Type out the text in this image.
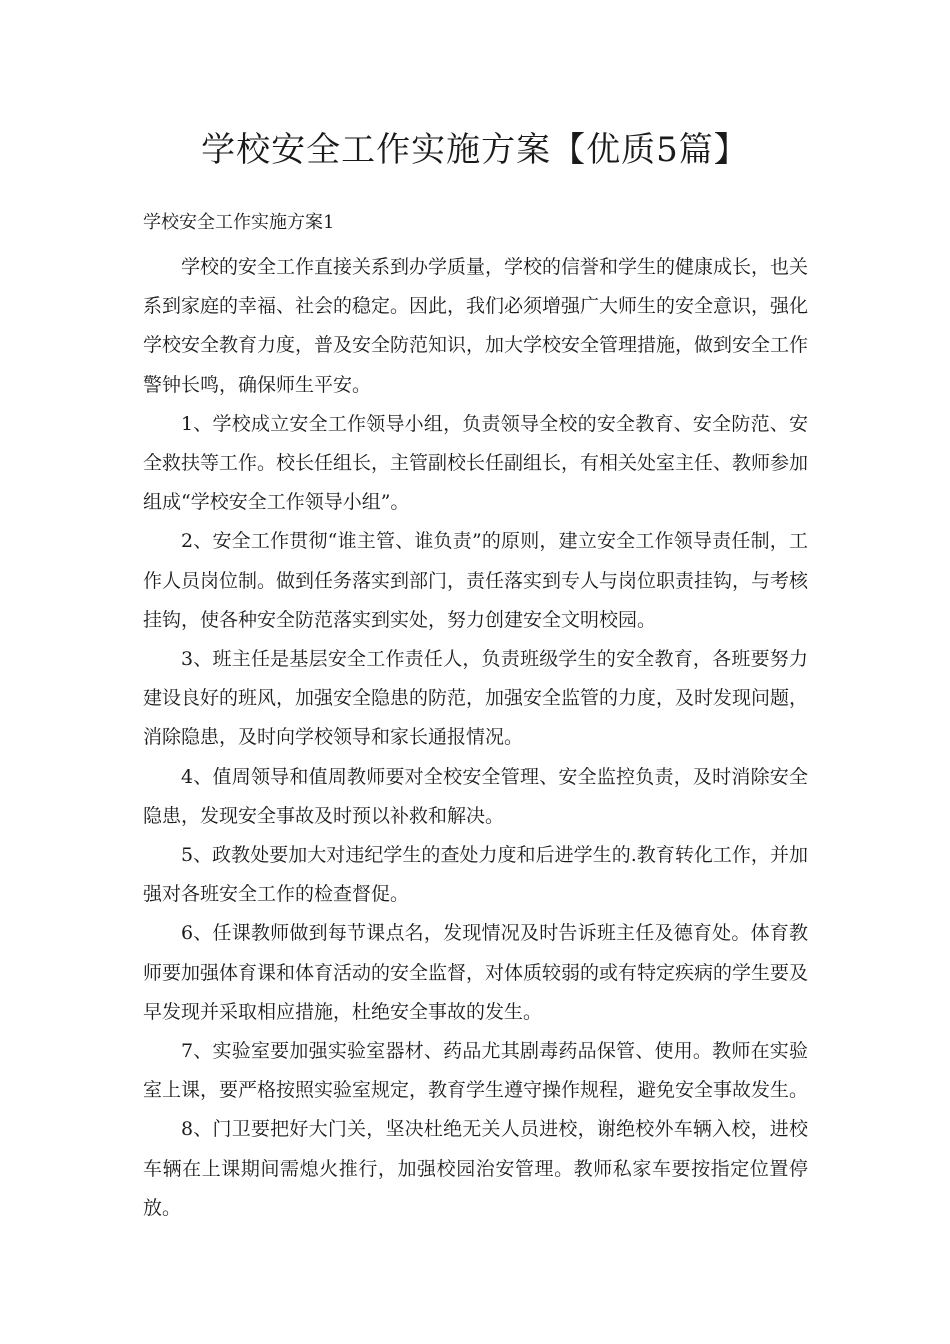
学校安全工作实施方案【优质5篇】
学校安全工作实施方案1

学校的安全工作直接关系到办学质量，学校的信誉和学生的健康成长，也关系到家庭的幸福、社会的稳定。因此，我们必须增强广大师生的安全意识，强化学校安全教育力度，普及安全防范知识，加大学校安全管理措施，做到安全工作警钟长鸣，确保师生平安。

1、学校成立安全工作领导小组，负责领导全校的安全教育、安全防范、安全救扶等工作。校长任组长，主管副校长任副组长，有相关处室主任、教师参加组成“学校安全工作领导小组”。

2、安全工作贯彻“谁主管、谁负责”的原则，建立安全工作领导责任制，工作人员岗位制。做到任务落实到部门，责任落实到专人与岗位职责挂钩，与考核挂钩，使各种安全防范落实到实处，努力创建安全文明校园。

3、班主任是基层安全工作责任人，负责班级学生的安全教育，各班要努力建设良好的班风，加强安全隐患的防范，加强安全监管的力度，及时发现问题，消除隐患，及时向学校领导和家长通报情况。

4、值周领导和值周教师要对全校安全管理、安全监控负责，及时消除安全隐患，发现安全事故及时预以补救和解决。

5、政教处要加大对违纪学生的查处力度和后进学生的.教育转化工作，并加强对各班安全工作的检查督促。

6、任课教师做到每节课点名，发现情况及时告诉班主任及德育处。体育教师要加强体育课和体育活动的安全监督，对体质较弱的或有特定疾病的学生要及早发现并采取相应措施，杜绝安全事故的发生。

7、实验室要加强实验室器材、药品尤其剧毒药品保管、使用。教师在实验室上课，要严格按照实验室规定，教育学生遵守操作规程，避免安全事故发生。

8、门卫要把好大门关，坚决杜绝无关人员进校，谢绝校外车辆入校，进校车辆在上课期间需熄火推行，加强校园治安管理。教师私家车要按指定位置停放。
